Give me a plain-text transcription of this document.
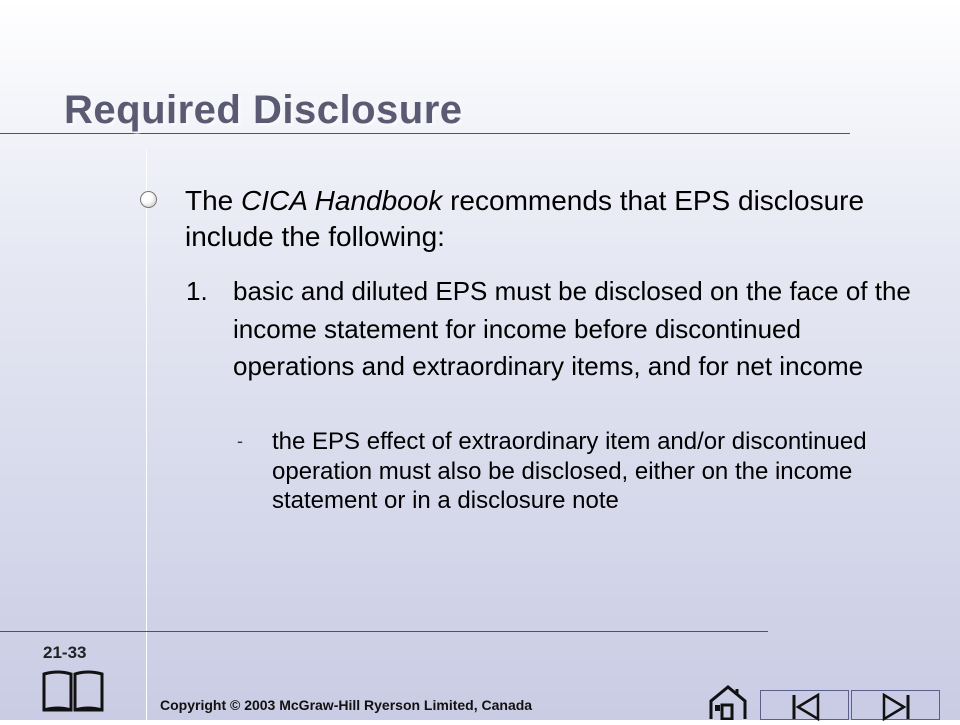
Required Disclosure
The CICA Handbook recommends that EPS disclosure include the following:
1. basic and diluted EPS must be disclosed on the face of the income statement for income before discontinued operations and extraordinary items, and for net income
- the EPS effect of extraordinary item and/or discontinued operation must also be disclosed, either on the income statement or in a disclosure note
21-33
Copyright © 2003 McGraw-Hill Ryerson Limited, Canada
